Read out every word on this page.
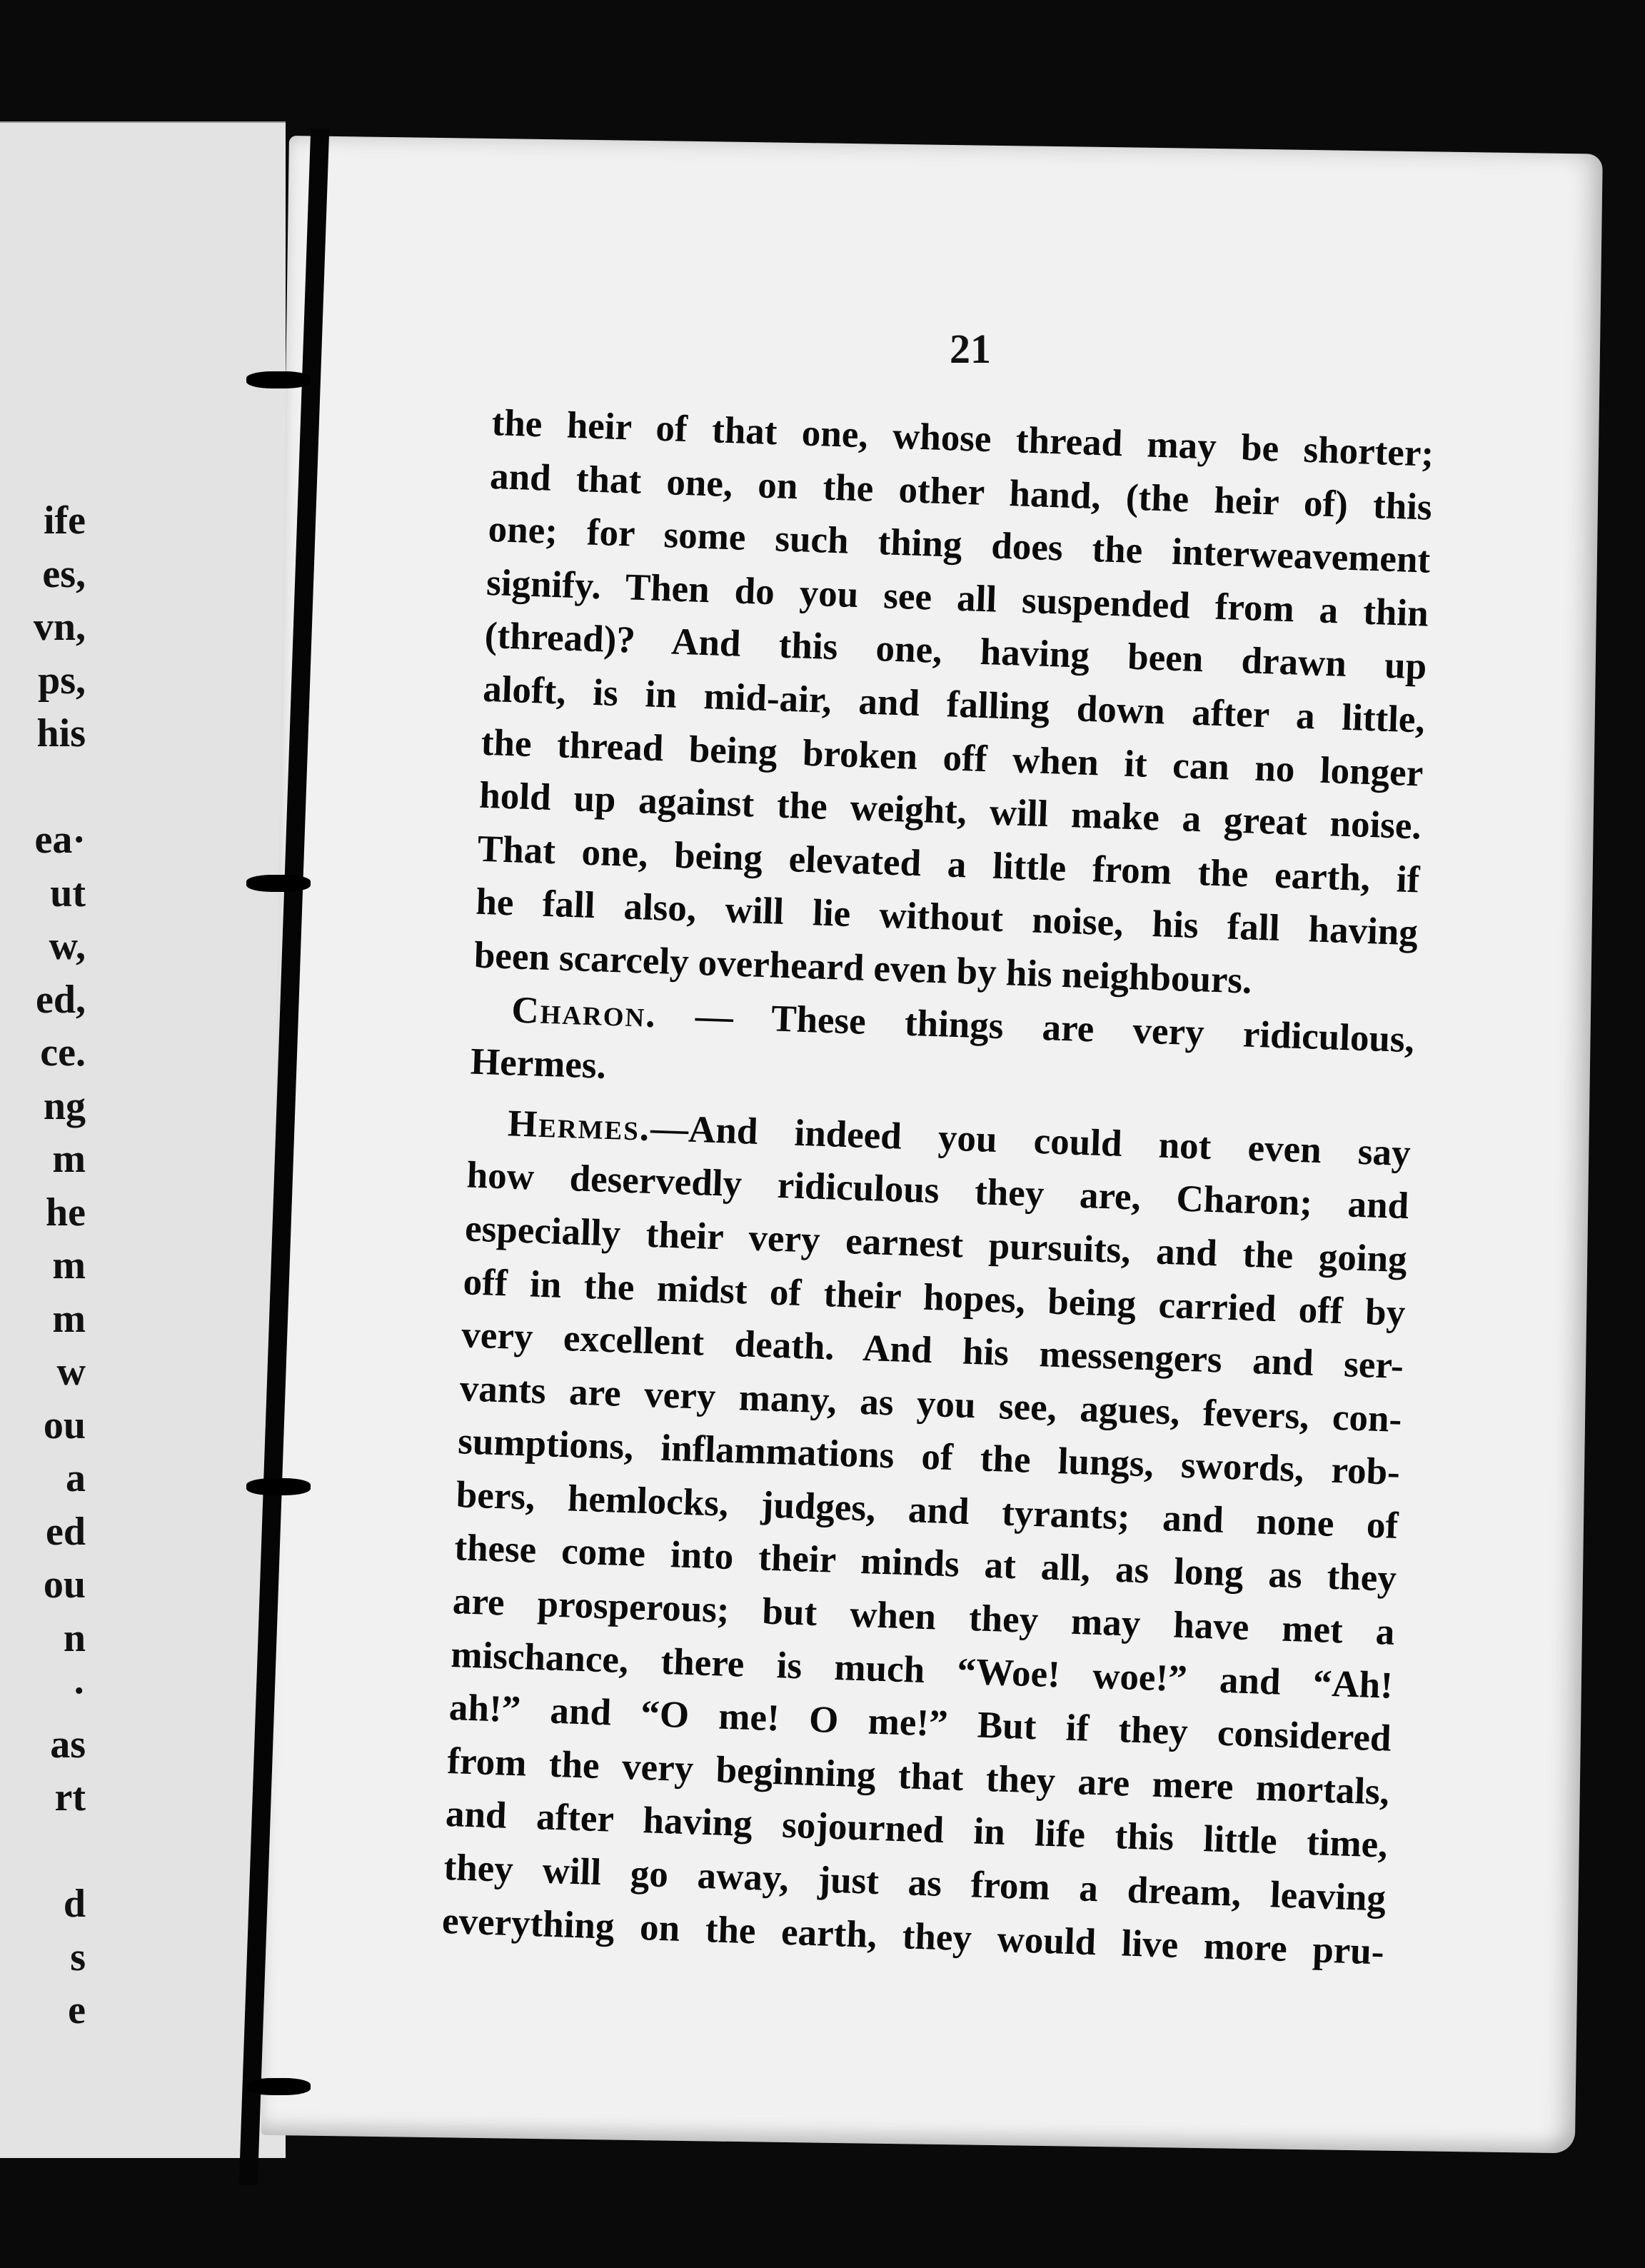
ife
es,
vn,
ps,
his
ea·
ut
w,
ed,
ce.
ng
m
he
m
m
w
ou
a
ed
ou
n
·
as
rt
d
s
e
21
the heir of that one, whose thread may be shorter;
and that one, on the other hand, (the heir of) this
one; for some such thing does the interweavement
signify. Then do you see all suspended from a thin
(thread)? And this one, having been drawn up
aloft, is in mid-air, and falling down after a little,
the thread being broken off when it can no longer
hold up against the weight, will make a great noise.
That one, being elevated a little from the earth, if
he fall also, will lie without noise, his fall having
been scarcely overheard even by his neighbours.
Charon. — These things are very ridiculous,
Hermes.
Hermes.—And indeed you could not even say
how deservedly ridiculous they are, Charon; and
especially their very earnest pursuits, and the going
off in the midst of their hopes, being carried off by
very excellent death. And his messengers and ser-
vants are very many, as you see, agues, fevers, con-
sumptions, inflammations of the lungs, swords, rob-
bers, hemlocks, judges, and tyrants; and none of
these come into their minds at all, as long as they
are prosperous; but when they may have met a
mischance, there is much “Woe! woe!” and “Ah!
ah!” and “O me! O me!” But if they considered
from the very beginning that they are mere mortals,
and after having sojourned in life this little time,
they will go away, just as from a dream, leaving
everything on the earth, they would live more pru-
